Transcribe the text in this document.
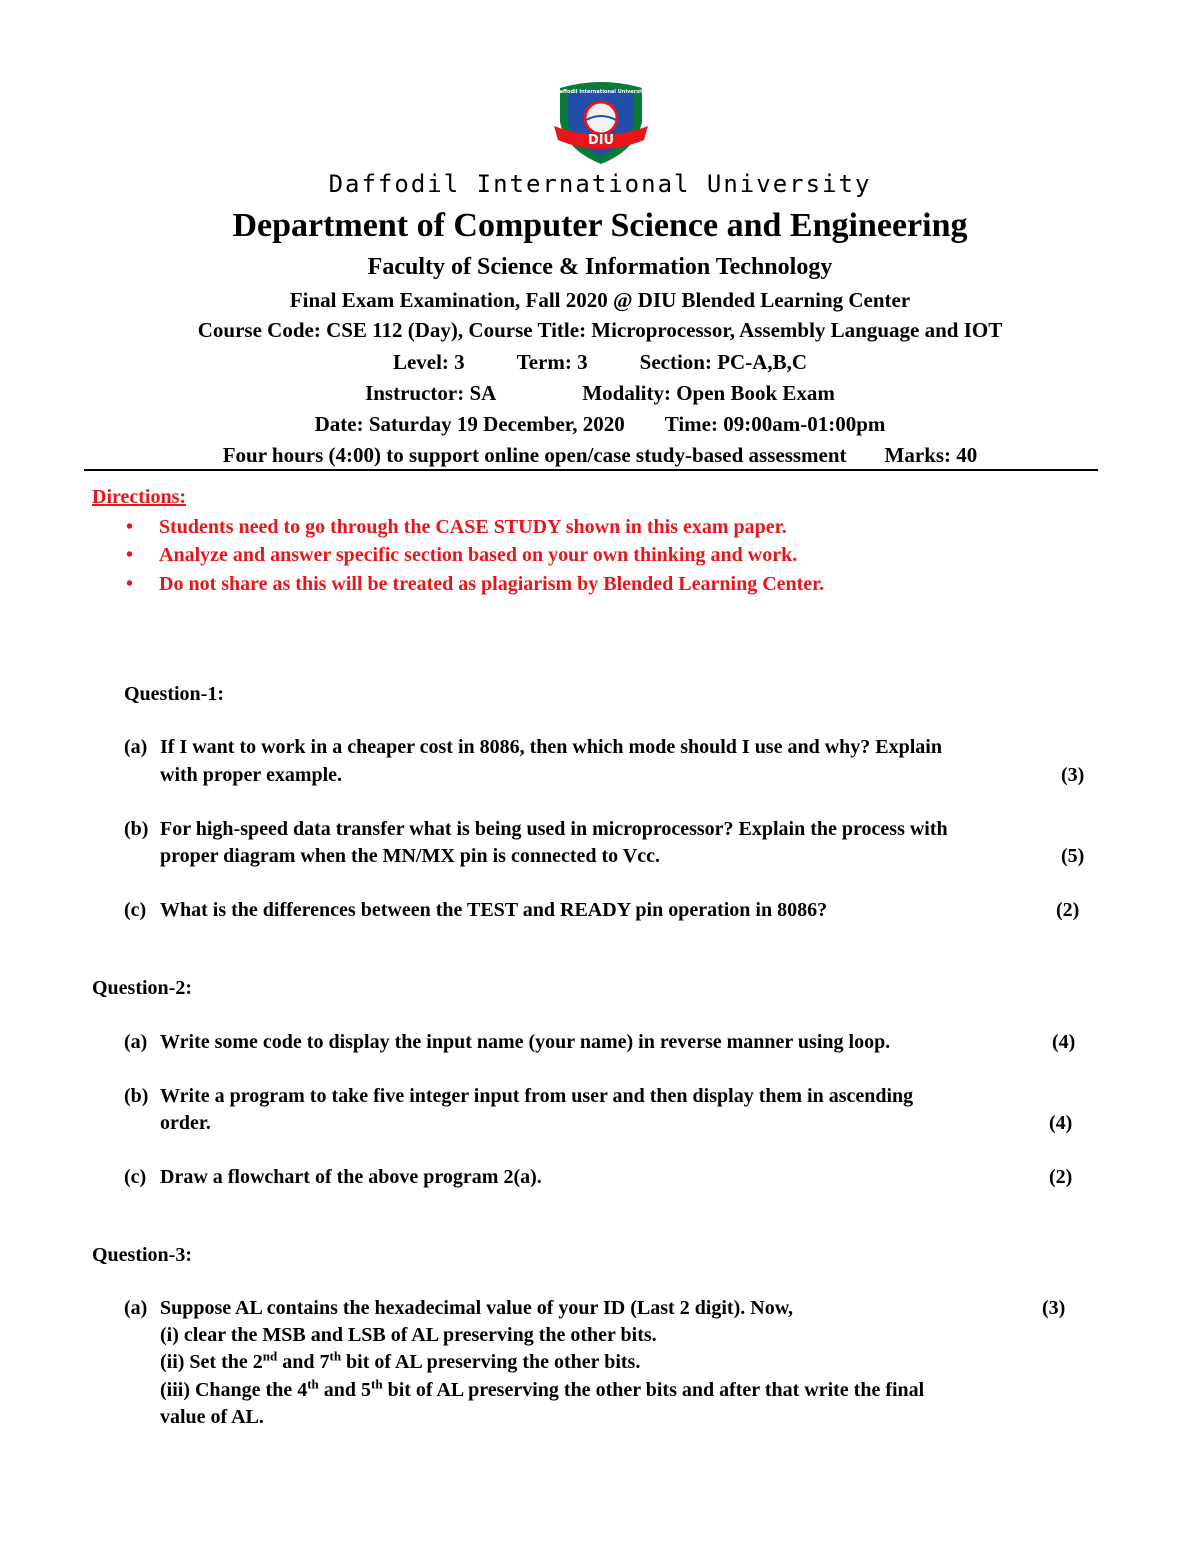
DIU
Daffodil International University
Daffodil International University
Department of Computer Science and Engineering
Faculty of Science & Information Technology
Final Exam Examination, Fall 2020 @ DIU Blended Learning Center
Course Code: CSE 112 (Day), Course Title: Microprocessor, Assembly Language and IOT
Level: 3 Term: 3 Section: PC-A,B,C
Instructor: SA	Modality: Open Book Exam
Date: Saturday 19 December, 2020 Time: 09:00am-01:00pm
Four hours (4:00) to support online open/case study-based assessment Marks: 40
Directions:
• Students need to go through the CASE STUDY shown in this exam paper.
• Analyze and answer specific section based on your own thinking and work.
• Do not share as this will be treated as plagiarism by Blended Learning Center.
Question-1:
(a) If I want to work in a cheaper cost in 8086, then which mode should I use and why? Explain
with proper example.	(3)
(b) For high-speed data transfer what is being used in microprocessor? Explain the process with
proper diagram when the MN/MX pin is connected to Vcc.	(5)
(c) What is the differences between the TEST and READY pin operation in 8086?	(2)
Question-2:
(a) Write some code to display the input name (your name) in reverse manner using loop.	(4)
(b) Write a program to take five integer input from user and then display them in ascending
order.	(4)
(c) Draw a flowchart of the above program 2(a).	(2)
Question-3:
(a) Suppose AL contains the hexadecimal value of your ID (Last 2 digit). Now,	(3)
(i) clear the MSB and LSB of AL preserving the other bits.
(ii) Set the 2nd and 7th bit of AL preserving the other bits.
(iii) Change the 4th and 5th bit of AL preserving the other bits and after that write the final
value of AL.
